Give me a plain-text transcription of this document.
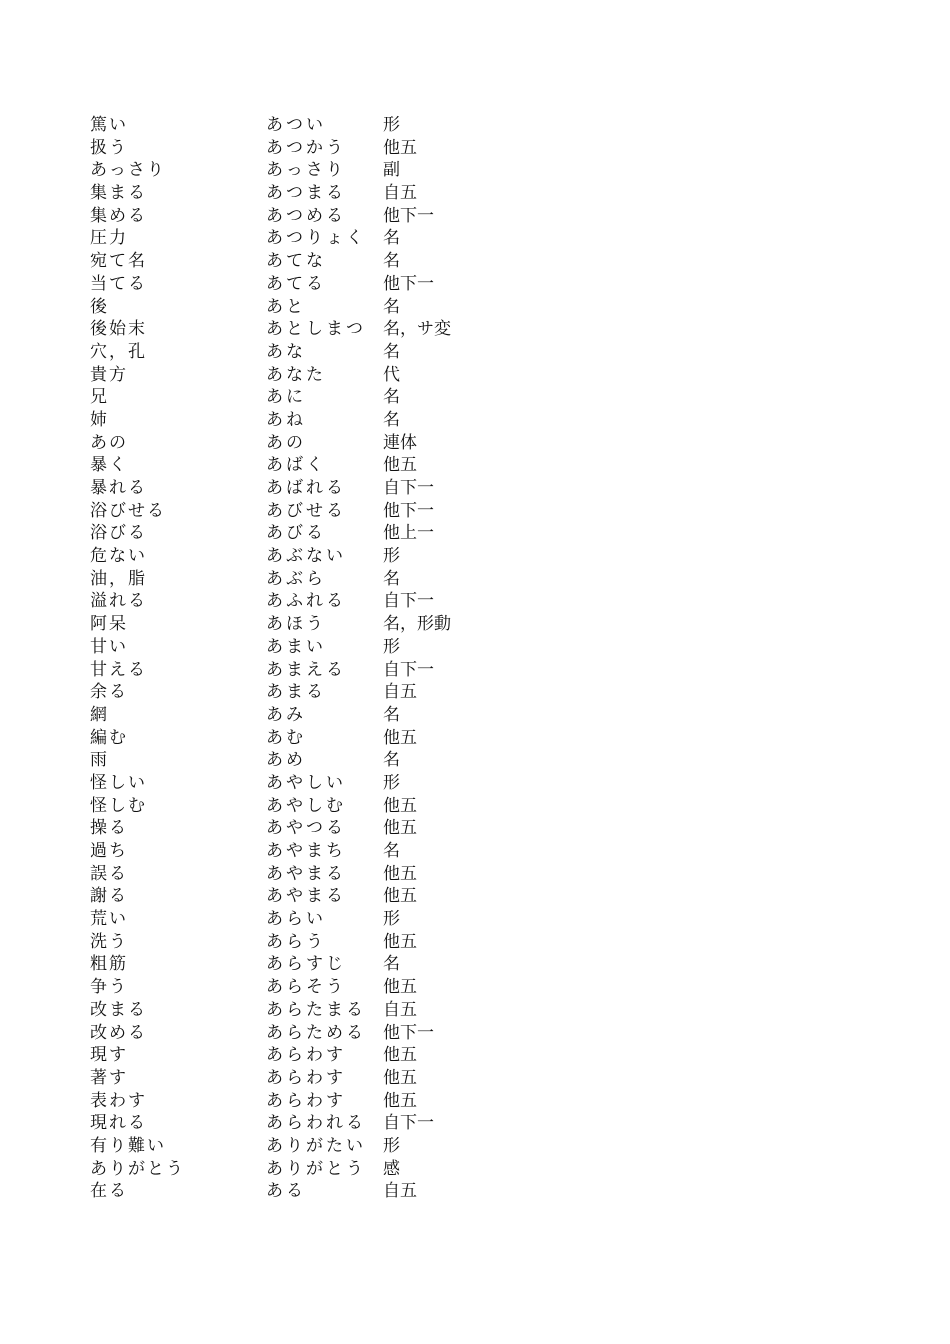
篤い	あつい	形
扱う	あつかう	他五
あっさり	あっさり	副
集まる	あつまる	自五
集める	あつめる	他下一
圧力	あつりょく	名
宛て名	あてな	名
当てる	あてる	他下一
後	あと	名
後始末	あとしまつ	名，サ変
穴，孔	あな	名
貴方	あなた	代
兄	あに	名
姉	あね	名
あの	あの	連体
暴く	あばく	他五
暴れる	あばれる	自下一
浴びせる	あびせる	他下一
浴びる	あびる	他上一
危ない	あぶない	形
油，脂	あぶら	名
溢れる	あふれる	自下一
阿呆	あほう	名，形動
甘い	あまい	形
甘える	あまえる	自下一
余る	あまる	自五
網	あみ	名
編む	あむ	他五
雨	あめ	名
怪しい	あやしい	形
怪しむ	あやしむ	他五
操る	あやつる	他五
過ち	あやまち	名
誤る	あやまる	他五
謝る	あやまる	他五
荒い	あらい	形
洗う	あらう	他五
粗筋	あらすじ	名
争う	あらそう	他五
改まる	あらたまる	自五
改める	あらためる	他下一
現す	あらわす	他五
著す	あらわす	他五
表わす	あらわす	他五
現れる	あらわれる	自下一
有り難い	ありがたい	形
ありがとう	ありがとう	感
在る	ある	自五
